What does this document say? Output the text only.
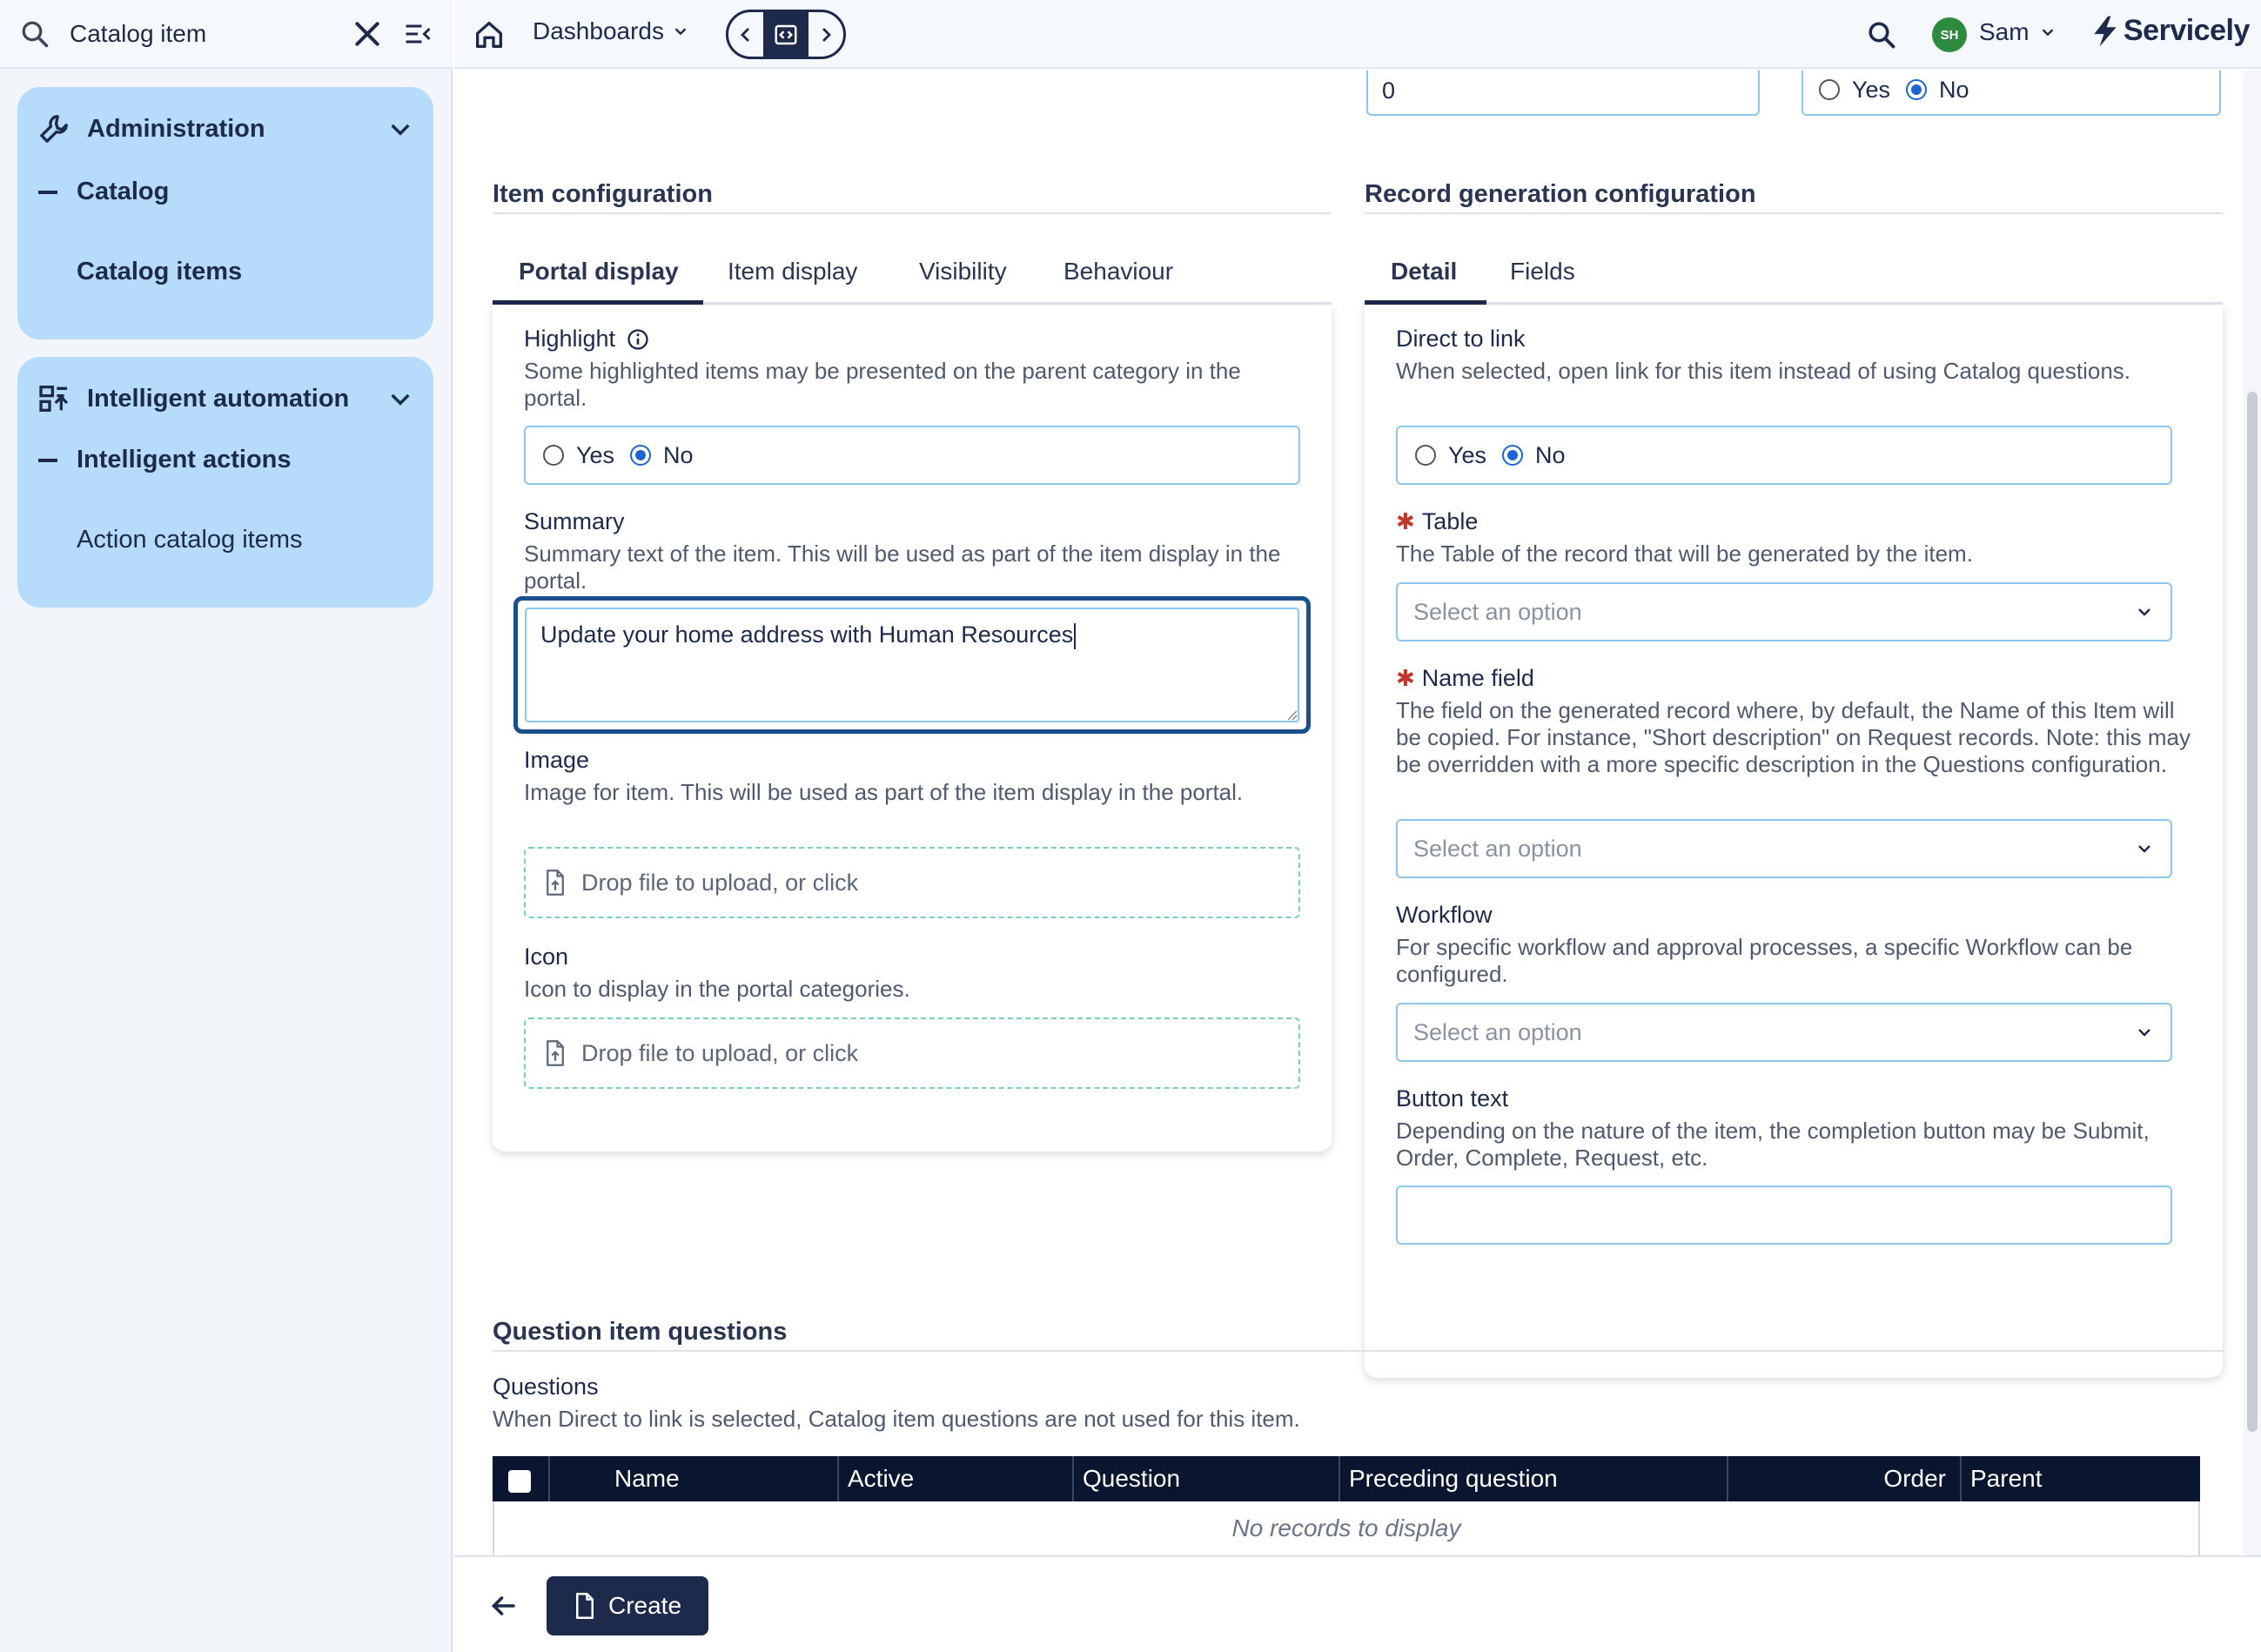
Catalog item
Administration
Catalog
Catalog items
Intelligent automation
Intelligent actions
Action catalog items
Dashboards	SH Sam	Servicely
0	Yes No
Item configuration
Portal display Item display	Visibility Behaviour
Highlight
Some highlighted items may be presented on the parent category in the portal.
Yes No
Summary
Summary text of the item. This will be used as part of the item display in the portal.
Update your home address with Human Resources
Image
Image for item. This will be used as part of the item display in the portal.
Drop file to upload, or click
Icon
Icon to display in the portal categories.
Drop file to upload, or click
Record generation configuration
Detail Fields
Direct to link
When selected, open link for this item instead of using Catalog questions.
Yes No
✱ Table
The Table of the record that will be generated by the item.
Select an option
✱ Name field
The field on the generated record where, by default, the Name of this Item will be copied. For instance, "Short description" on Request records. Note: this may be overridden with a more specific description in the Questions configuration.
Select an option
Workflow
For specific workflow and approval processes, a specific Workflow can be configured.
Select an option
Button text
Depending on the nature of the item, the completion button may be Submit, Order, Complete, Request, etc.
Question item questions
Questions
When Direct to link is selected, Catalog item questions are not used for this item.
Name	Active	Question	Preceding question	Order	Parent
No records to display
Create
